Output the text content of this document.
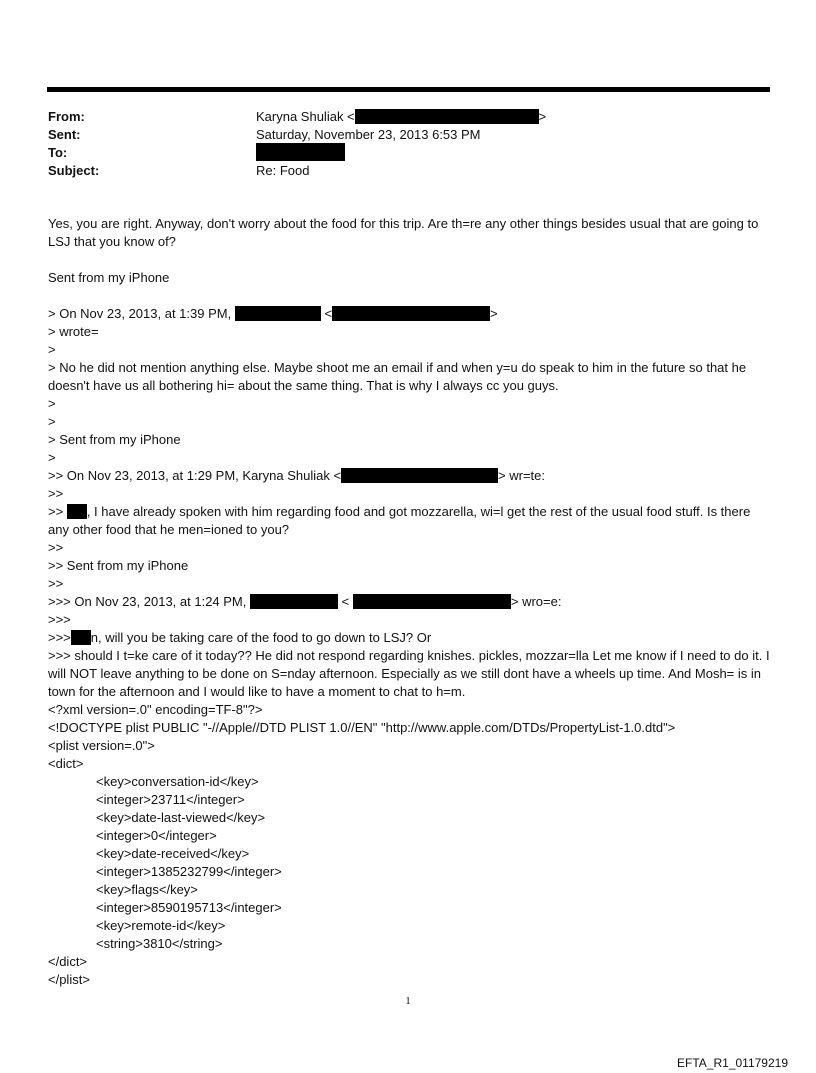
From:	Karyna Shuliak <	>
Sent:	Saturday, November 23, 2013 6:53 PM
To:
Subject:	Re: Food
Yes, you are right. Anyway, don't worry about the food for this trip. Are th=re any other things besides usual that are going to LSJ that you know of?
Sent from my iPhone
> On Nov 23, 2013, at 1:39 PM,	<	>
> wrote=
>
> No he did not mention anything else. Maybe shoot me an email if and when y=u do speak to him in the future so that he doesn't have us all bothering hi= about the same thing. That is why I always cc you guys.
>
>
> Sent from my iPhone
>
>> On Nov 23, 2013, at 1:29 PM, Karyna Shuliak <	> wr=te:
>>
>> , I have already spoken with him regarding food and got mozzarella, wi=l get the rest of the usual food stuff. Is there any other food that he men=ioned to you?
>>
>> Sent from my iPhone
>>
>>> On Nov 23, 2013, at 1:24 PM,	<	> wro=e:
>>>
>>> n, will you be taking care of the food to go down to LSJ? Or
>>> should I t=ke care of it today?? He did not respond regarding knishes. pickles, mozzar=lla Let me know if I need to do it. I will NOT leave anything to be done on S=nday afternoon. Especially as we still dont have a wheels up time. And Mosh= is in town for the afternoon and I would like to have a moment to chat to h=m.
<?xml version=.0" encoding=TF-8"?>
<!DOCTYPE plist PUBLIC "-//Apple//DTD PLIST 1.0//EN" "http://www.apple.com/DTDs/PropertyList-1.0.dtd">
<plist version=.0">
<dict>
<key>conversation-id</key>
<integer>23711</integer>
<key>date-last-viewed</key>
<integer>0</integer>
<key>date-received</key>
<integer>1385232799</integer>
<key>flags</key>
<integer>8590195713</integer>
<key>remote-id</key>
<string>3810</string>
</dict>
</plist>
1
EFTA_R1_01179219
